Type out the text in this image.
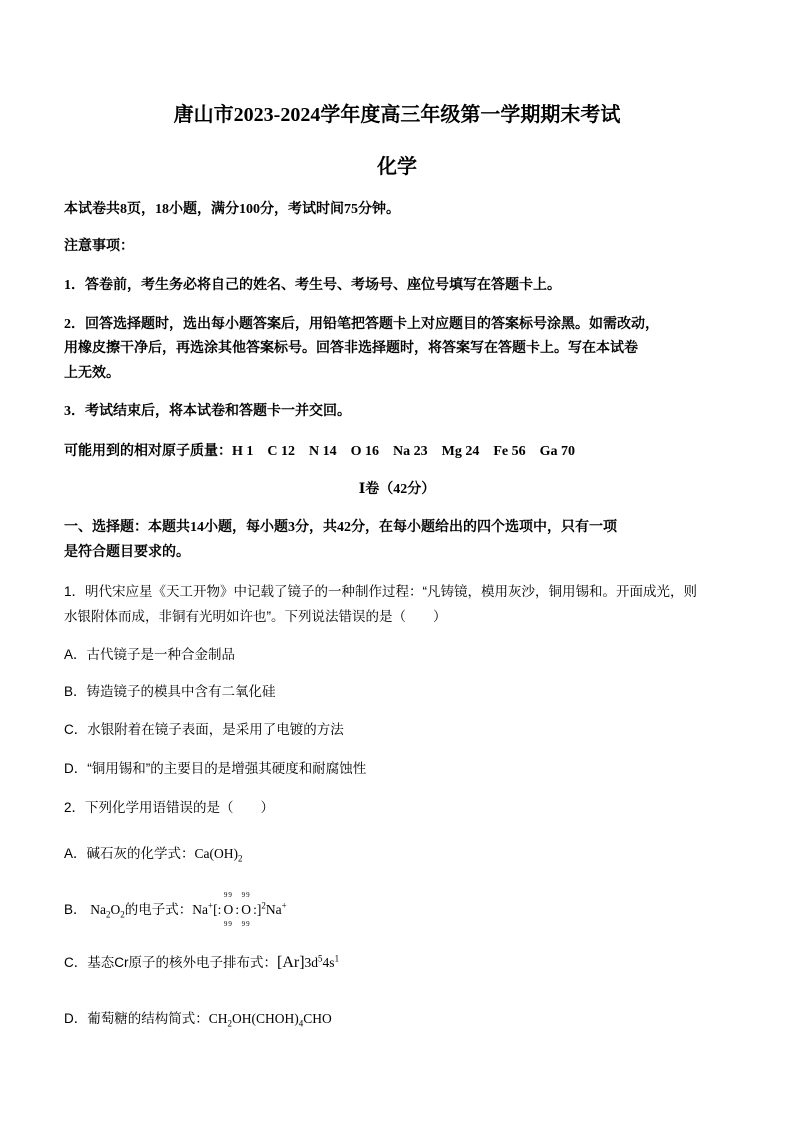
唐山市2023-2024学年度高三年级第一学期期末考试
化学
本试卷共8页，18小题，满分100分，考试时间75分钟。
注意事项：
1．答卷前，考生务必将自己的姓名、考生号、考场号、座位号填写在答题卡上。
2．回答选择题时，选出每小题答案后，用铅笔把答题卡上对应题目的答案标号涂黑。如需改动，
用橡皮擦干净后，再选涂其他答案标号。回答非选择题时，将答案写在答题卡上。写在本试卷
上无效。
3．考试结束后，将本试卷和答题卡一并交回。
可能用到的相对原子质量：H 1　C 12　N 14　O 16　Na 23　Mg 24　Fe 56　Ga 70
Ⅰ卷（42分）
一、选择题：本题共14小题，每小题3分，共42分，在每小题给出的四个选项中，只有一项
是符合题目要求的。
1．明代宋应星《天工开物》中记载了镜子的一种制作过程：“凡铸镜，模用灰沙，铜用锡和。开面成光，则
水银附体而成，非铜有光明如许也”。下列说法错误的是（　　）
A．古代镜子是一种合金制品
B．铸造镜子的模具中含有二氧化硅
C．水银附着在镜子表面，是采用了电镀的方法
D．“铜用锡和”的主要目的是增强其硬度和耐腐蚀性
2．下列化学用语错误的是（　　）
A．碱石灰的化学式：$Ca(OH)_2$
B． $Na_2O_2$的电子式：Na+[:
99
O
99
:
99
O
99
:]$^2$Na+
C．基态Cr原子的核外电子排布式：$[Ar]3d^54s^1$
D．葡萄糖的结构简式：$CH_2OH(CHOH)_4CHO$
